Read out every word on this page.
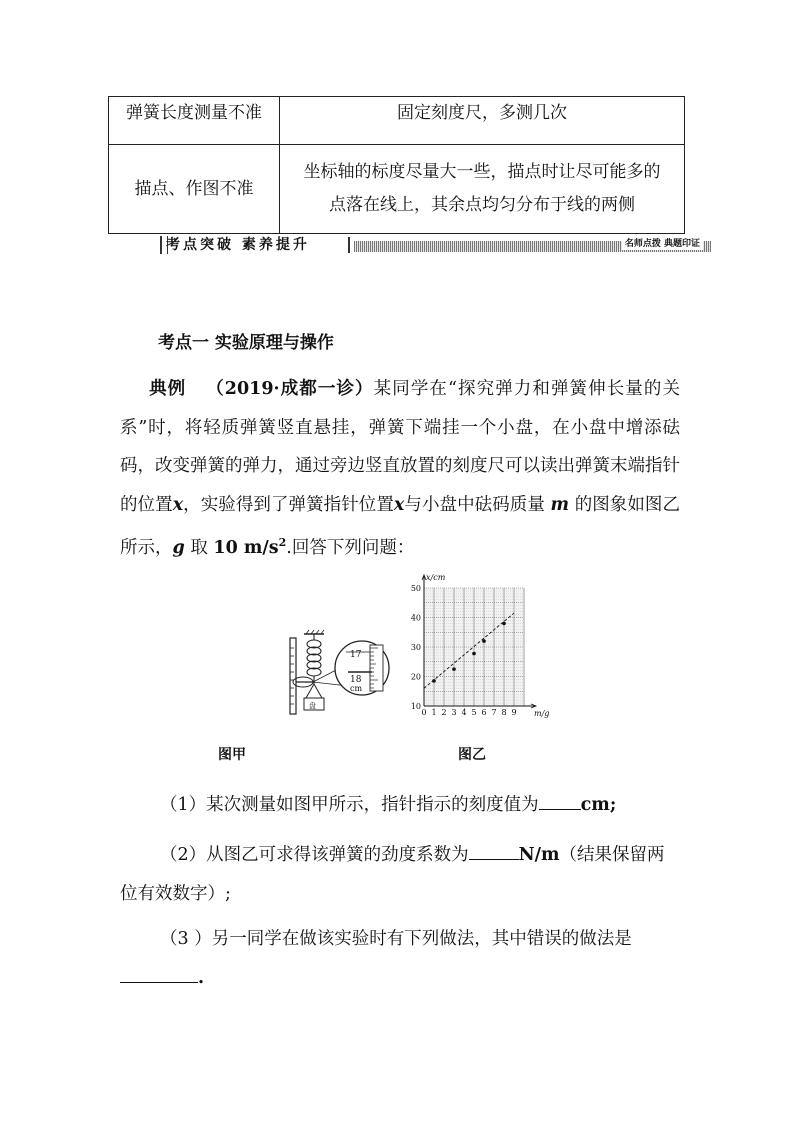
弹簧长度测量不准	固定刻度尺，多测几次
描点、作图不准	坐标轴的标度尽量大一些，描点时让尽可能多的
点落在线上，其余点均匀分布于线的两侧
考点突破 素养提升	名师点拨 典题印证
考点一 实验原理与操作
典例 （2019·成都一诊）某同学在“探究弹力和弹簧伸长量的关系”时，将轻质弹簧竖直悬挂，弹簧下端挂一个小盘，在小盘中增添砝码，改变弹簧的弹力，通过旁边竖直放置的刻度尺可以读出弹簧末端指针的位置x，实验得到了弹簧指针位置x与小盘中砝码质量 m 的图象如图乙所示，g 取 10 $m/s^2$.回答下列问题：
盘
17
18
cm
0 1 2 3 4 5 6 7 8 9
10
20
30
40
50
x/cm
m/g
图甲	图乙
（1）某次测量如图甲所示，指针指示的刻度值为 cm;
（2）从图乙可求得该弹簧的劲度系数为	N/m（结果保留两位有效数字）;
（3 ）另一同学在做该实验时有下列做法，其中错误的做法是.
